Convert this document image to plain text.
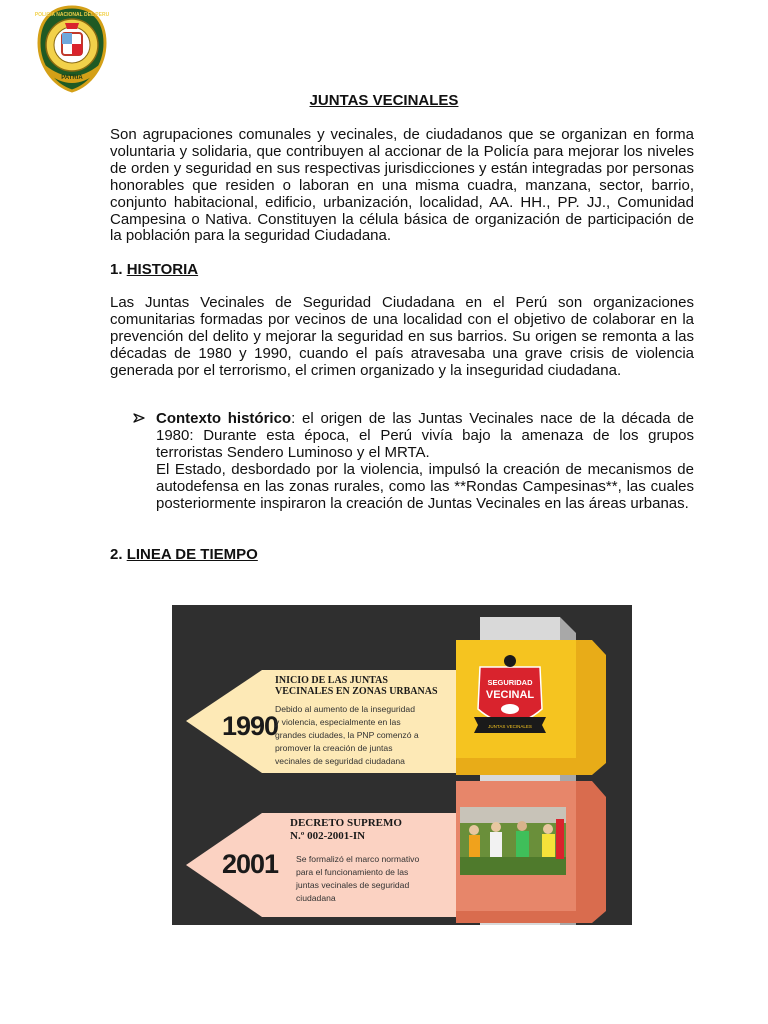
PATRIA
POLICIA NACIONAL DEL PERU
JUNTAS VECINALES

Son agrupaciones comunales y vecinales, de ciudadanos que se organizan en forma voluntaria y solidaria, que contribuyen al accionar de la Policía para mejorar los niveles de orden y seguridad en sus respectivas jurisdicciones y están integradas por personas honorables que residen o laboran en una misma cuadra, manzana, sector, barrio, conjunto habitacional, edificio, urbanización, localidad, AA. HH., PP. JJ., Comunidad Campesina o Nativa. Constituyen la célula básica de organización de participación de la población para la seguridad Ciudadana.

1. HISTORIA

Las Juntas Vecinales de Seguridad Ciudadana en el Perú son organizaciones comunitarias formadas por vecinos de una localidad con el objetivo de colaborar en la prevención del delito y mejorar la seguridad en sus barrios. Su origen se remonta a las décadas de 1980 y 1990, cuando el país atravesaba una grave crisis de violencia generada por el terrorismo, el crimen organizado y la inseguridad ciudadana.

Contexto histórico: el origen de las Juntas Vecinales nace de la década de 1980: Durante esta época, el Perú vivía bajo la amenaza de los grupos terroristas Sendero Luminoso y el MRTA.

El Estado, desbordado por la violencia, impulsó la creación de mecanismos de autodefensa en las zonas rurales, como las **Rondas Campesinas**, las cuales posteriormente inspiraron la creación de Juntas Vecinales en las áreas urbanas.

2. LINEA DE TIEMPO
1990
INICIO DE LAS JUNTAS
VECINALES EN ZONAS URBANAS
Debido al aumento de la inseguridad
y violencia, especialmente en las
grandes ciudades, la PNP comenzó a
promover la creación de juntas
vecinales de seguridad ciudadana
SEGURIDAD
VECINAL
JUNTAS VECINALES
2001
DECRETO SUPREMO
N.º 002-2001-IN
Se formalizó el marco normativo
para el funcionamiento de las
juntas vecinales de seguridad
ciudadana
